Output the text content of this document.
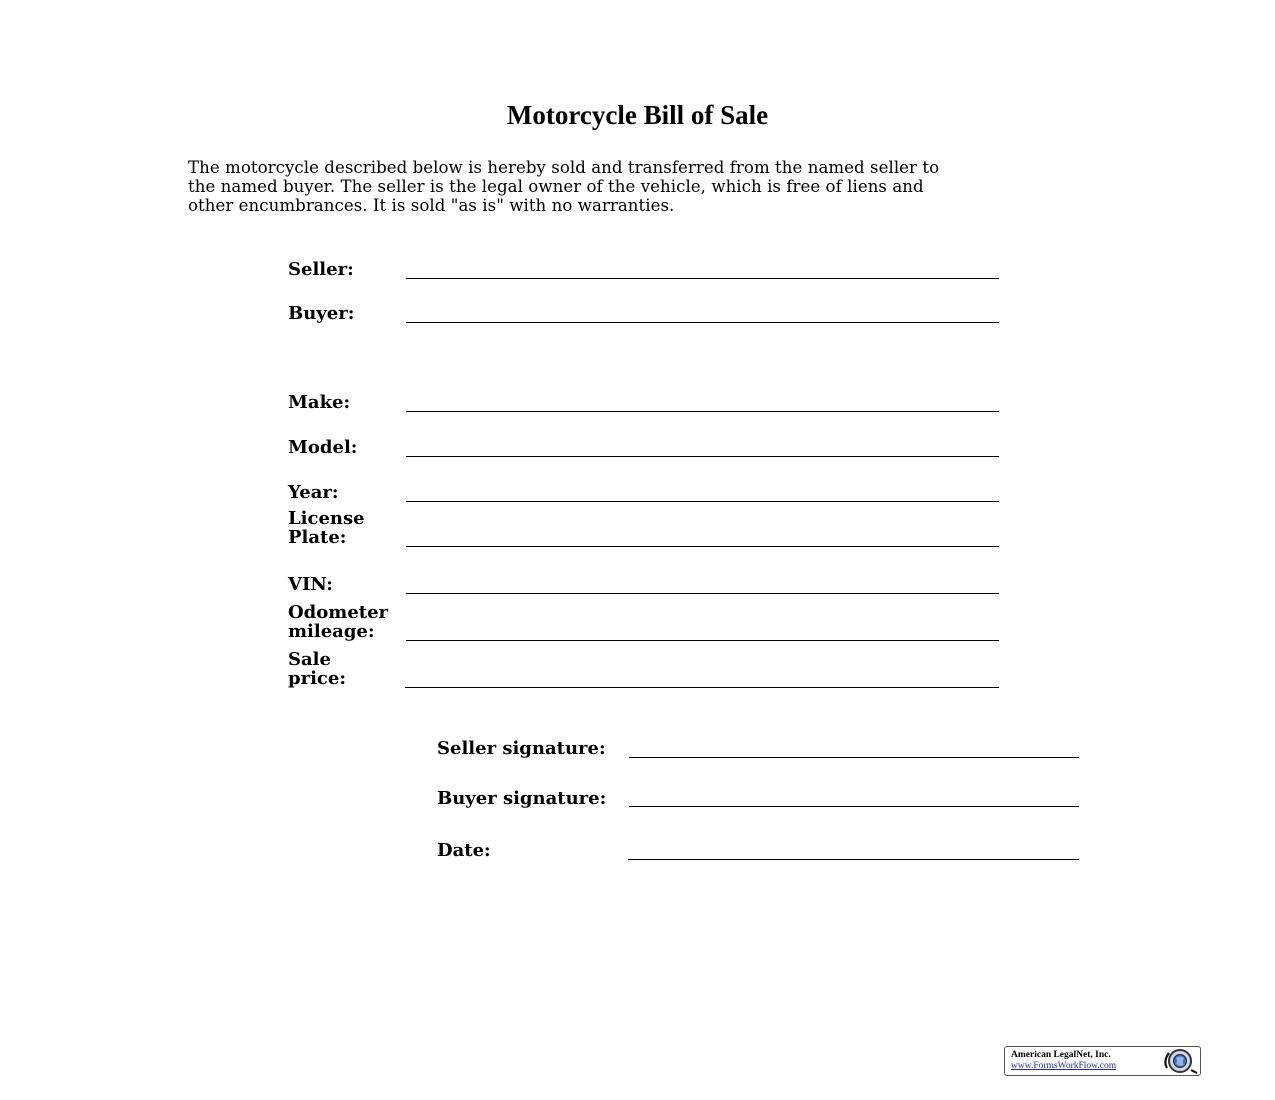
Motorcycle Bill of Sale
The motorcycle described below is hereby sold and transferred from the named seller to
the named buyer. The seller is the legal owner of the vehicle, which is free of liens and
other encumbrances. It is sold "as is" with no warranties.
Seller:
Buyer:
Make:
Model:
Year:
License
Plate:
VIN:
Odometer
mileage:
Sale
price:
Seller signature:
Buyer signature:
Date:
American LegalNet, Inc.
www.FormsWorkFlow.com
